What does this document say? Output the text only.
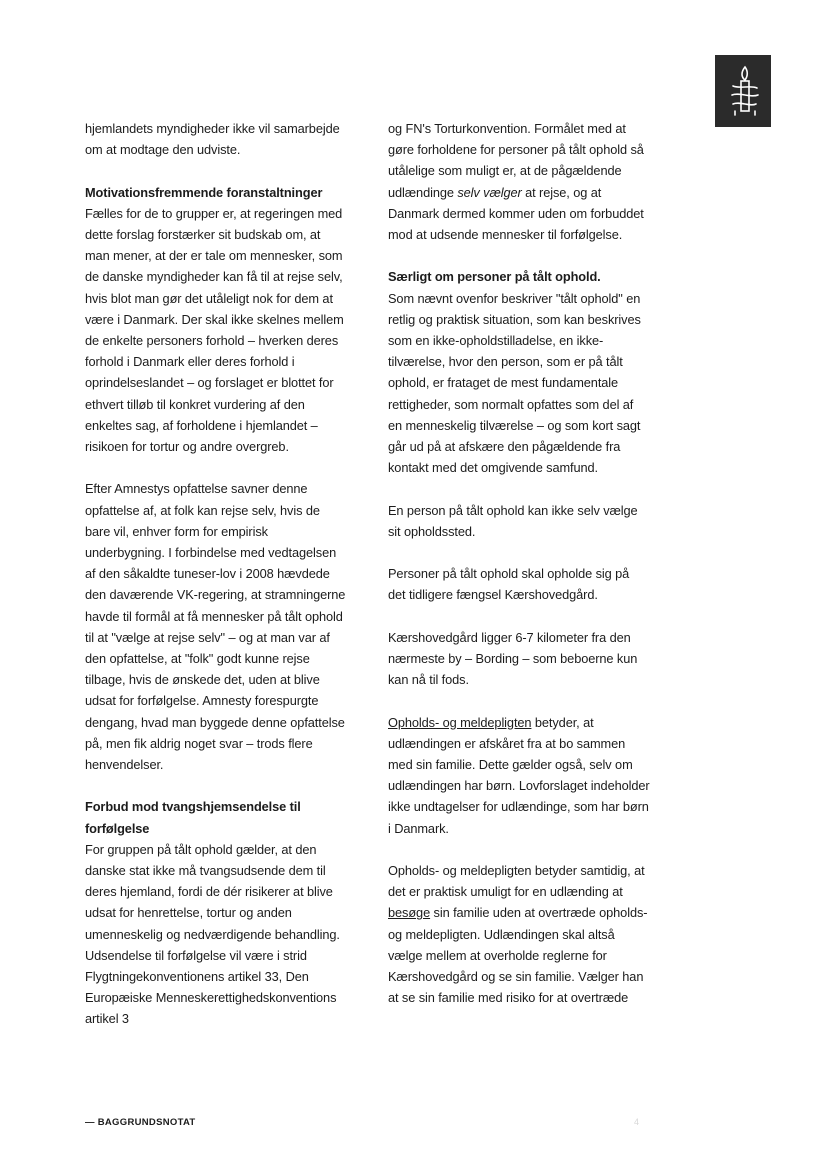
hjemlandets myndigheder ikke vil samarbejde om at modtage den udviste.

Motivationsfremmende foranstaltninger
Fælles for de to grupper er, at regeringen med dette forslag forstærker sit budskab om, at man mener, at der er tale om mennesker, som de danske myndigheder kan få til at rejse selv, hvis blot man gør det utåleligt nok for dem at være i Danmark. Der skal ikke skelnes mellem de enkelte personers forhold – hverken deres forhold i Danmark eller deres forhold i oprindelseslandet – og forslaget er blottet for ethvert tilløb til konkret vurdering af den enkeltes sag, af forholdene i hjemlandet – risikoen for tortur og andre overgreb.

Efter Amnestys opfattelse savner denne opfattelse af, at folk kan rejse selv, hvis de bare vil, enhver form for empirisk underbygning. I forbindelse med vedtagelsen af den såkaldte tuneser-lov i 2008 hævdede den daværende VK-regering, at stramningerne havde til formål at få mennesker på tålt ophold til at "vælge at rejse selv" – og at man var af den opfattelse, at "folk" godt kunne rejse tilbage, hvis de ønskede det, uden at blive udsat for forfølgelse. Amnesty forespurgte dengang, hvad man byggede denne opfattelse på, men fik aldrig noget svar – trods flere henvendelser.

Forbud mod tvangshjemsendelse til forfølgelse
For gruppen på tålt ophold gælder, at den danske stat ikke må tvangsudsende dem til deres hjemland, fordi de dér risikerer at blive udsat for henrettelse, tortur og anden umenneskelig og nedværdigende behandling. Udsendelse til forfølgelse vil være i strid Flygtningekonventionens artikel 33, Den Europæiske Menneskerettighedskonventions artikel 3

og FN's Torturkonvention. Formålet med at gøre forholdene for personer på tålt ophold så utålelige som muligt er, at de pågældende udlændinge selv vælger at rejse, og at Danmark dermed kommer uden om forbuddet mod at udsende mennesker til forfølgelse.

Særligt om personer på tålt ophold.
Som nævnt ovenfor beskriver "tålt ophold" en retlig og praktisk situation, som kan beskrives som en ikke-opholdstilladelse, en ikke-tilværelse, hvor den person, som er på tålt ophold, er frataget de mest fundamentale rettigheder, som normalt opfattes som del af en menneskelig tilværelse – og som kort sagt går ud på at afskære den pågældende fra kontakt med det omgivende samfund.

En person på tålt ophold kan ikke selv vælge sit opholdssted.

Personer på tålt ophold skal opholde sig på det tidligere fængsel Kærshovedgård.

Kærshovedgård ligger 6-7 kilometer fra den nærmeste by – Bording – som beboerne kun kan nå til fods.

Opholds- og meldepligten betyder, at udlændingen er afskåret fra at bo sammen med sin familie. Dette gælder også, selv om udlændingen har børn. Lovforslaget indeholder ikke undtagelser for udlændinge, som har børn i Danmark.

Opholds- og meldepligten betyder samtidig, at det er praktisk umuligt for en udlænding at besøge sin familie uden at overtræde opholds- og meldepligten. Udlændingen skal altså vælge mellem at overholde reglerne for Kærshovedgård og se sin familie. Vælger han at se sin familie med risiko for at overtræde

— BAGGRUNDSNOTAT	4
